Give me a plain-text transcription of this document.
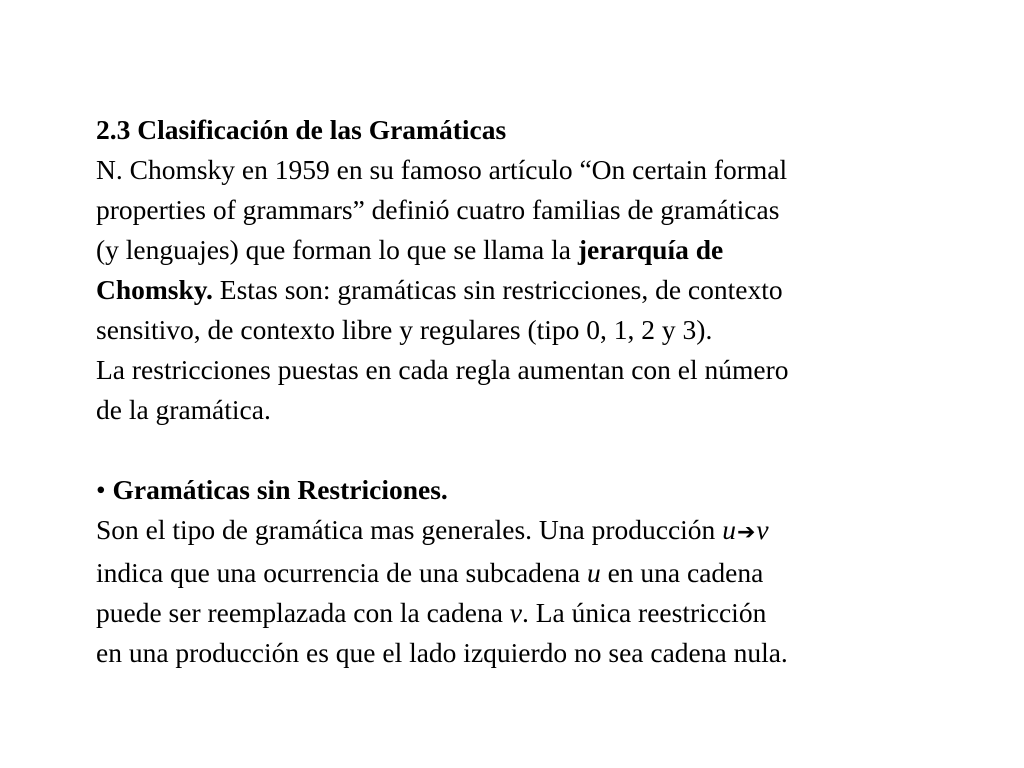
2.3 Clasificación de las Gramáticas
N. Chomsky en 1959 en su famoso artículo “On certain formal
properties of grammars” definió cuatro familias de gramáticas
(y lenguajes) que forman lo que se llama la jerarquía de
Chomsky. Estas son: gramáticas sin restricciones, de contexto
sensitivo, de contexto libre y regulares (tipo 0, 1, 2 y 3).
La restricciones puestas en cada regla aumentan con el número
de la gramática.
• Gramáticas sin Restriciones.
Son el tipo de gramática mas generales. Una producción u➔v
indica que una ocurrencia de una subcadena u en una cadena
puede ser reemplazada con la cadena v. La única reestricción
en una producción es que el lado izquierdo no sea cadena nula.
